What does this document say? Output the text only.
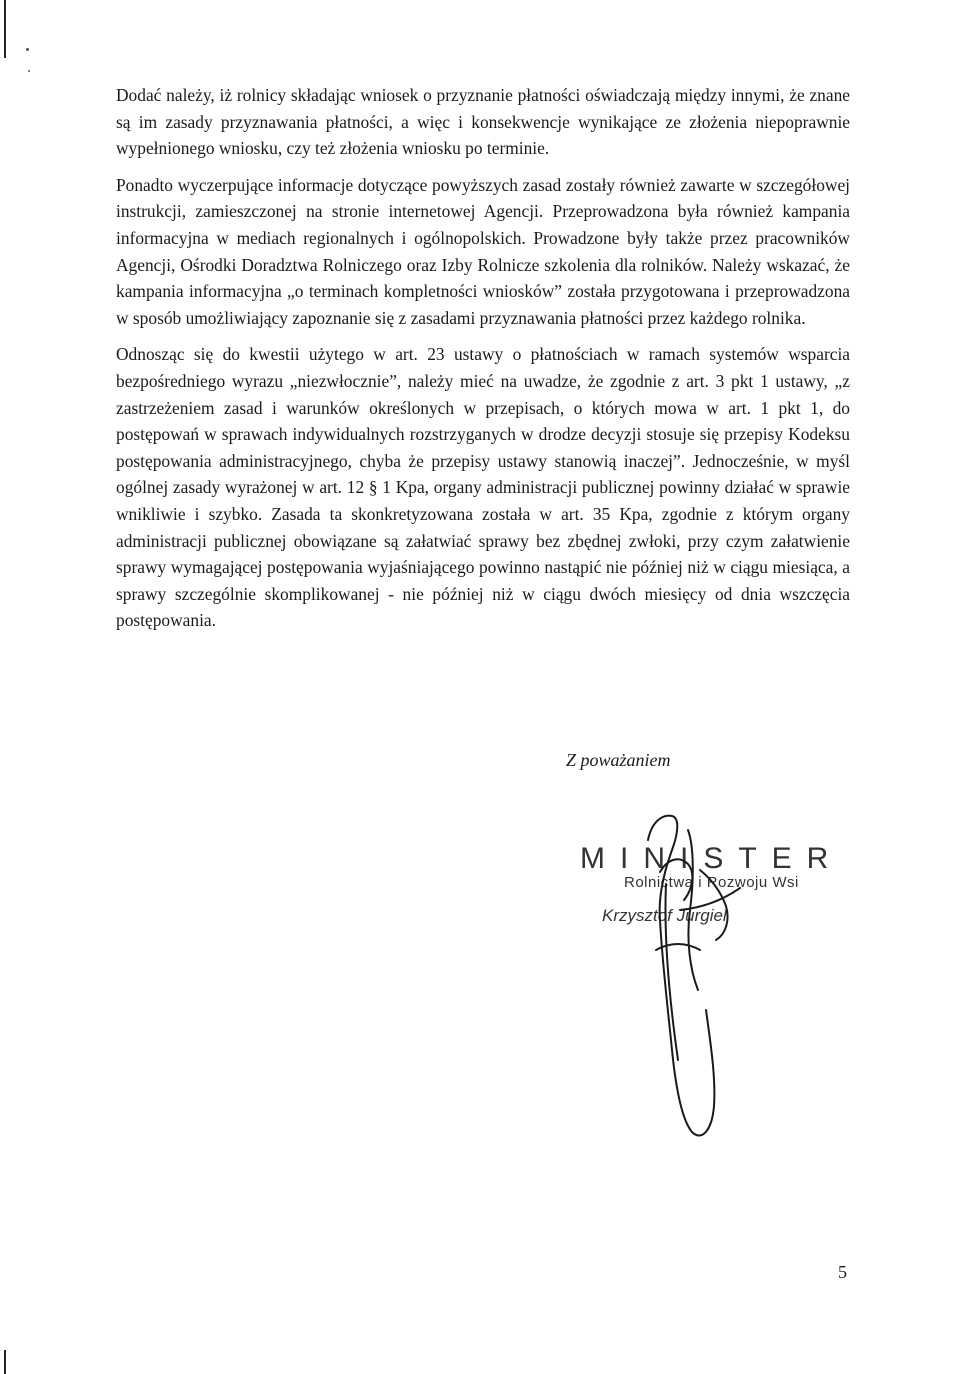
Dodać należy, iż rolnicy składając wniosek o przyznanie płatności oświadczają między innymi, że znane są im zasady przyznawania płatności, a więc i konsekwencje wynikające ze złożenia niepoprawnie wypełnionego wniosku, czy też złożenia wniosku po terminie.

Ponadto wyczerpujące informacje dotyczące powyższych zasad zostały również zawarte w szczegółowej instrukcji, zamieszczonej na stronie internetowej Agencji. Przeprowadzona była również kampania informacyjna w mediach regionalnych i ogólnopolskich. Prowadzone były także przez pracowników Agencji, Ośrodki Doradztwa Rolniczego oraz Izby Rolnicze szkolenia dla rolników. Należy wskazać, że kampania informacyjna „o terminach kompletności wniosków” została przygotowana i przeprowadzona w sposób umożliwiający zapoznanie się z zasadami przyznawania płatności przez każdego rolnika.

Odnosząc się do kwestii użytego w art. 23 ustawy o płatnościach w ramach systemów wsparcia bezpośredniego wyrazu „niezwłocznie”, należy mieć na uwadze, że zgodnie z art. 3 pkt 1 ustawy, „z zastrzeżeniem zasad i warunków określonych w przepisach, o których mowa w art. 1 pkt 1, do postępowań w sprawach indywidualnych rozstrzyganych w drodze decyzji stosuje się przepisy Kodeksu postępowania administracyjnego, chyba że przepisy ustawy stanowią inaczej”. Jednocześnie, w myśl ogólnej zasady wyrażonej w art. 12 § 1 Kpa, organy administracji publicznej powinny działać w sprawie wnikliwie i szybko. Zasada ta skonkretyzowana została w art. 35 Kpa, zgodnie z którym organy administracji publicznej obowiązane są załatwiać sprawy bez zbędnej zwłoki, przy czym załatwienie sprawy wymagającej postępowania wyjaśniającego powinno nastąpić nie później niż w ciągu miesiąca, a sprawy szczególnie skomplikowanej - nie później niż w ciągu dwóch miesięcy od dnia wszczęcia postępowania.

Z poważaniem
MINISTER
Rolnictwa i Rozwoju Wsi
Krzysztof Jurgiel
5
